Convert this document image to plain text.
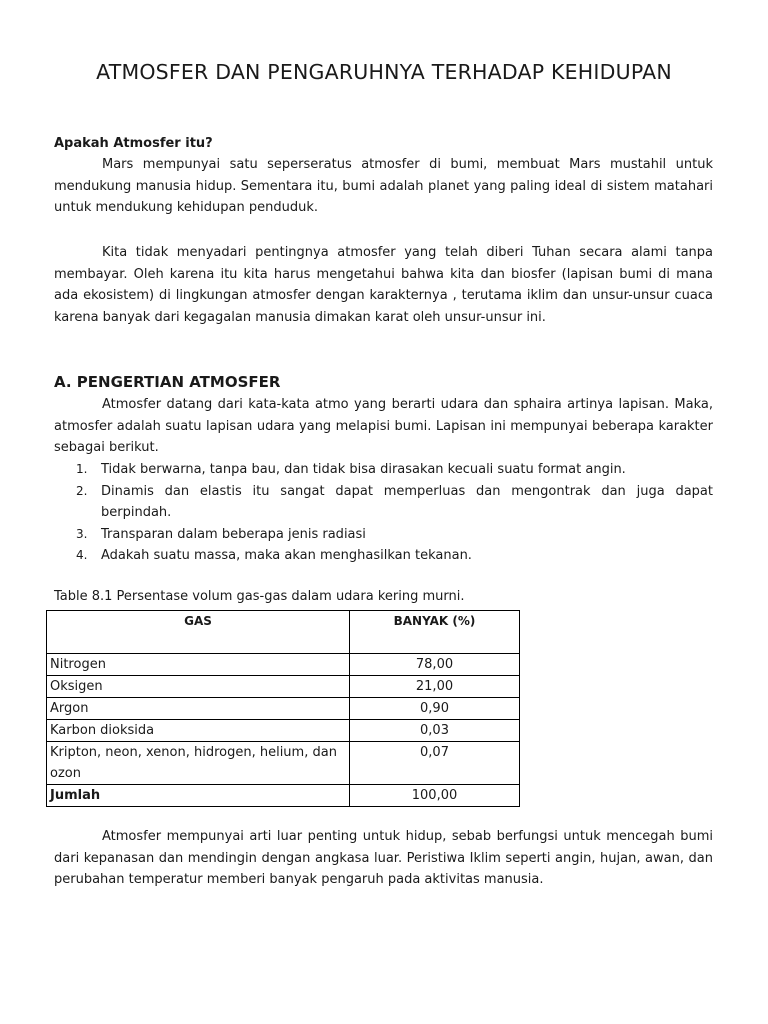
ATMOSFER DAN PENGARUHNYA TERHADAP KEHIDUPAN
Apakah Atmosfer itu?

Mars mempunyai satu seperseratus atmosfer di bumi, membuat Mars mustahil untuk mendukung manusia hidup. Sementara itu, bumi adalah planet yang paling ideal di sistem matahari untuk mendukung kehidupan penduduk.

Kita tidak menyadari pentingnya atmosfer yang telah diberi Tuhan secara alami tanpa membayar. Oleh karena itu kita harus mengetahui bahwa kita dan biosfer (lapisan bumi di mana ada ekosistem) di lingkungan atmosfer dengan karakternya , terutama iklim dan unsur-unsur cuaca karena banyak dari kegagalan manusia dimakan karat oleh unsur-unsur ini.

A. PENGERTIAN ATMOSFER

Atmosfer datang dari kata-kata atmo yang berarti udara dan sphaira artinya lapisan. Maka, atmosfer adalah suatu lapisan udara yang melapisi bumi. Lapisan ini mempunyai beberapa karakter sebagai berikut.

1. Tidak berwarna, tanpa bau, dan tidak bisa dirasakan kecuali suatu format angin.
2. Dinamis dan elastis itu sangat dapat memperluas dan mengontrak dan juga dapat berpindah.
3. Transparan dalam beberapa jenis radiasi
4. Adakah suatu massa, maka akan menghasilkan tekanan.
Table 8.1 Persentase volum gas-gas dalam udara kering murni.
GAS	BANYAK (%)
Nitrogen	78,00
Oksigen	21,00
Argon	0,90
Karbon dioksida	0,03
Kripton, neon, xenon, hidrogen, helium, dan ozon	0,07
Jumlah	100,00

Atmosfer mempunyai arti luar penting untuk hidup, sebab berfungsi untuk mencegah bumi dari kepanasan dan mendingin dengan angkasa luar. Peristiwa Iklim seperti angin, hujan, awan, dan perubahan temperatur memberi banyak pengaruh pada aktivitas manusia.
